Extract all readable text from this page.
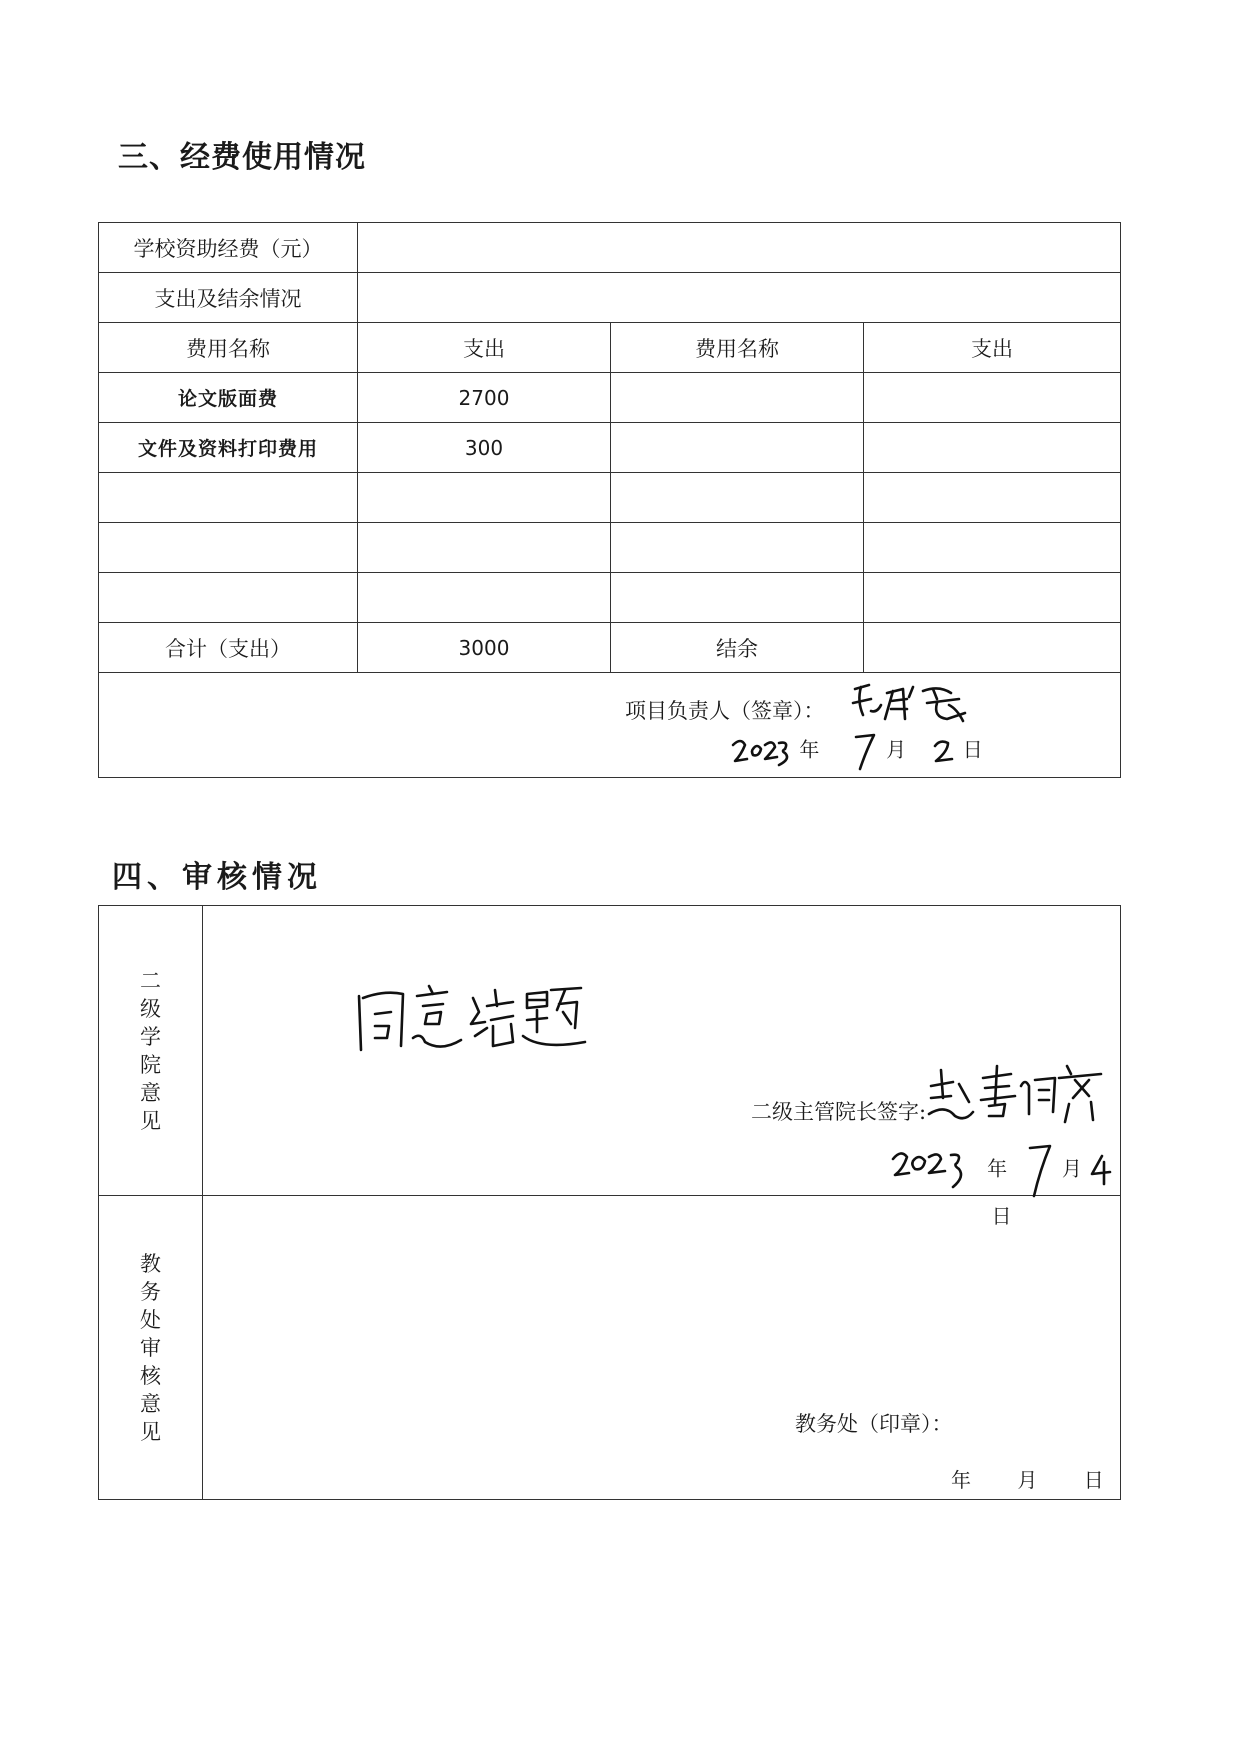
三、经费使用情况
学校资助经费（元）			
支出及结余情况			
费用名称	支出	费用名称	支出
论文版面费	2700		
文件及资料打印费用	300		

合计（支出）	3000	结余	

项目负责人（签章）：
年 月 日			
四、审核情况
二级学院意见	二级主管院长签字:
年 月  日

教务处审核意见	教务处（印章）：
年 月 日
